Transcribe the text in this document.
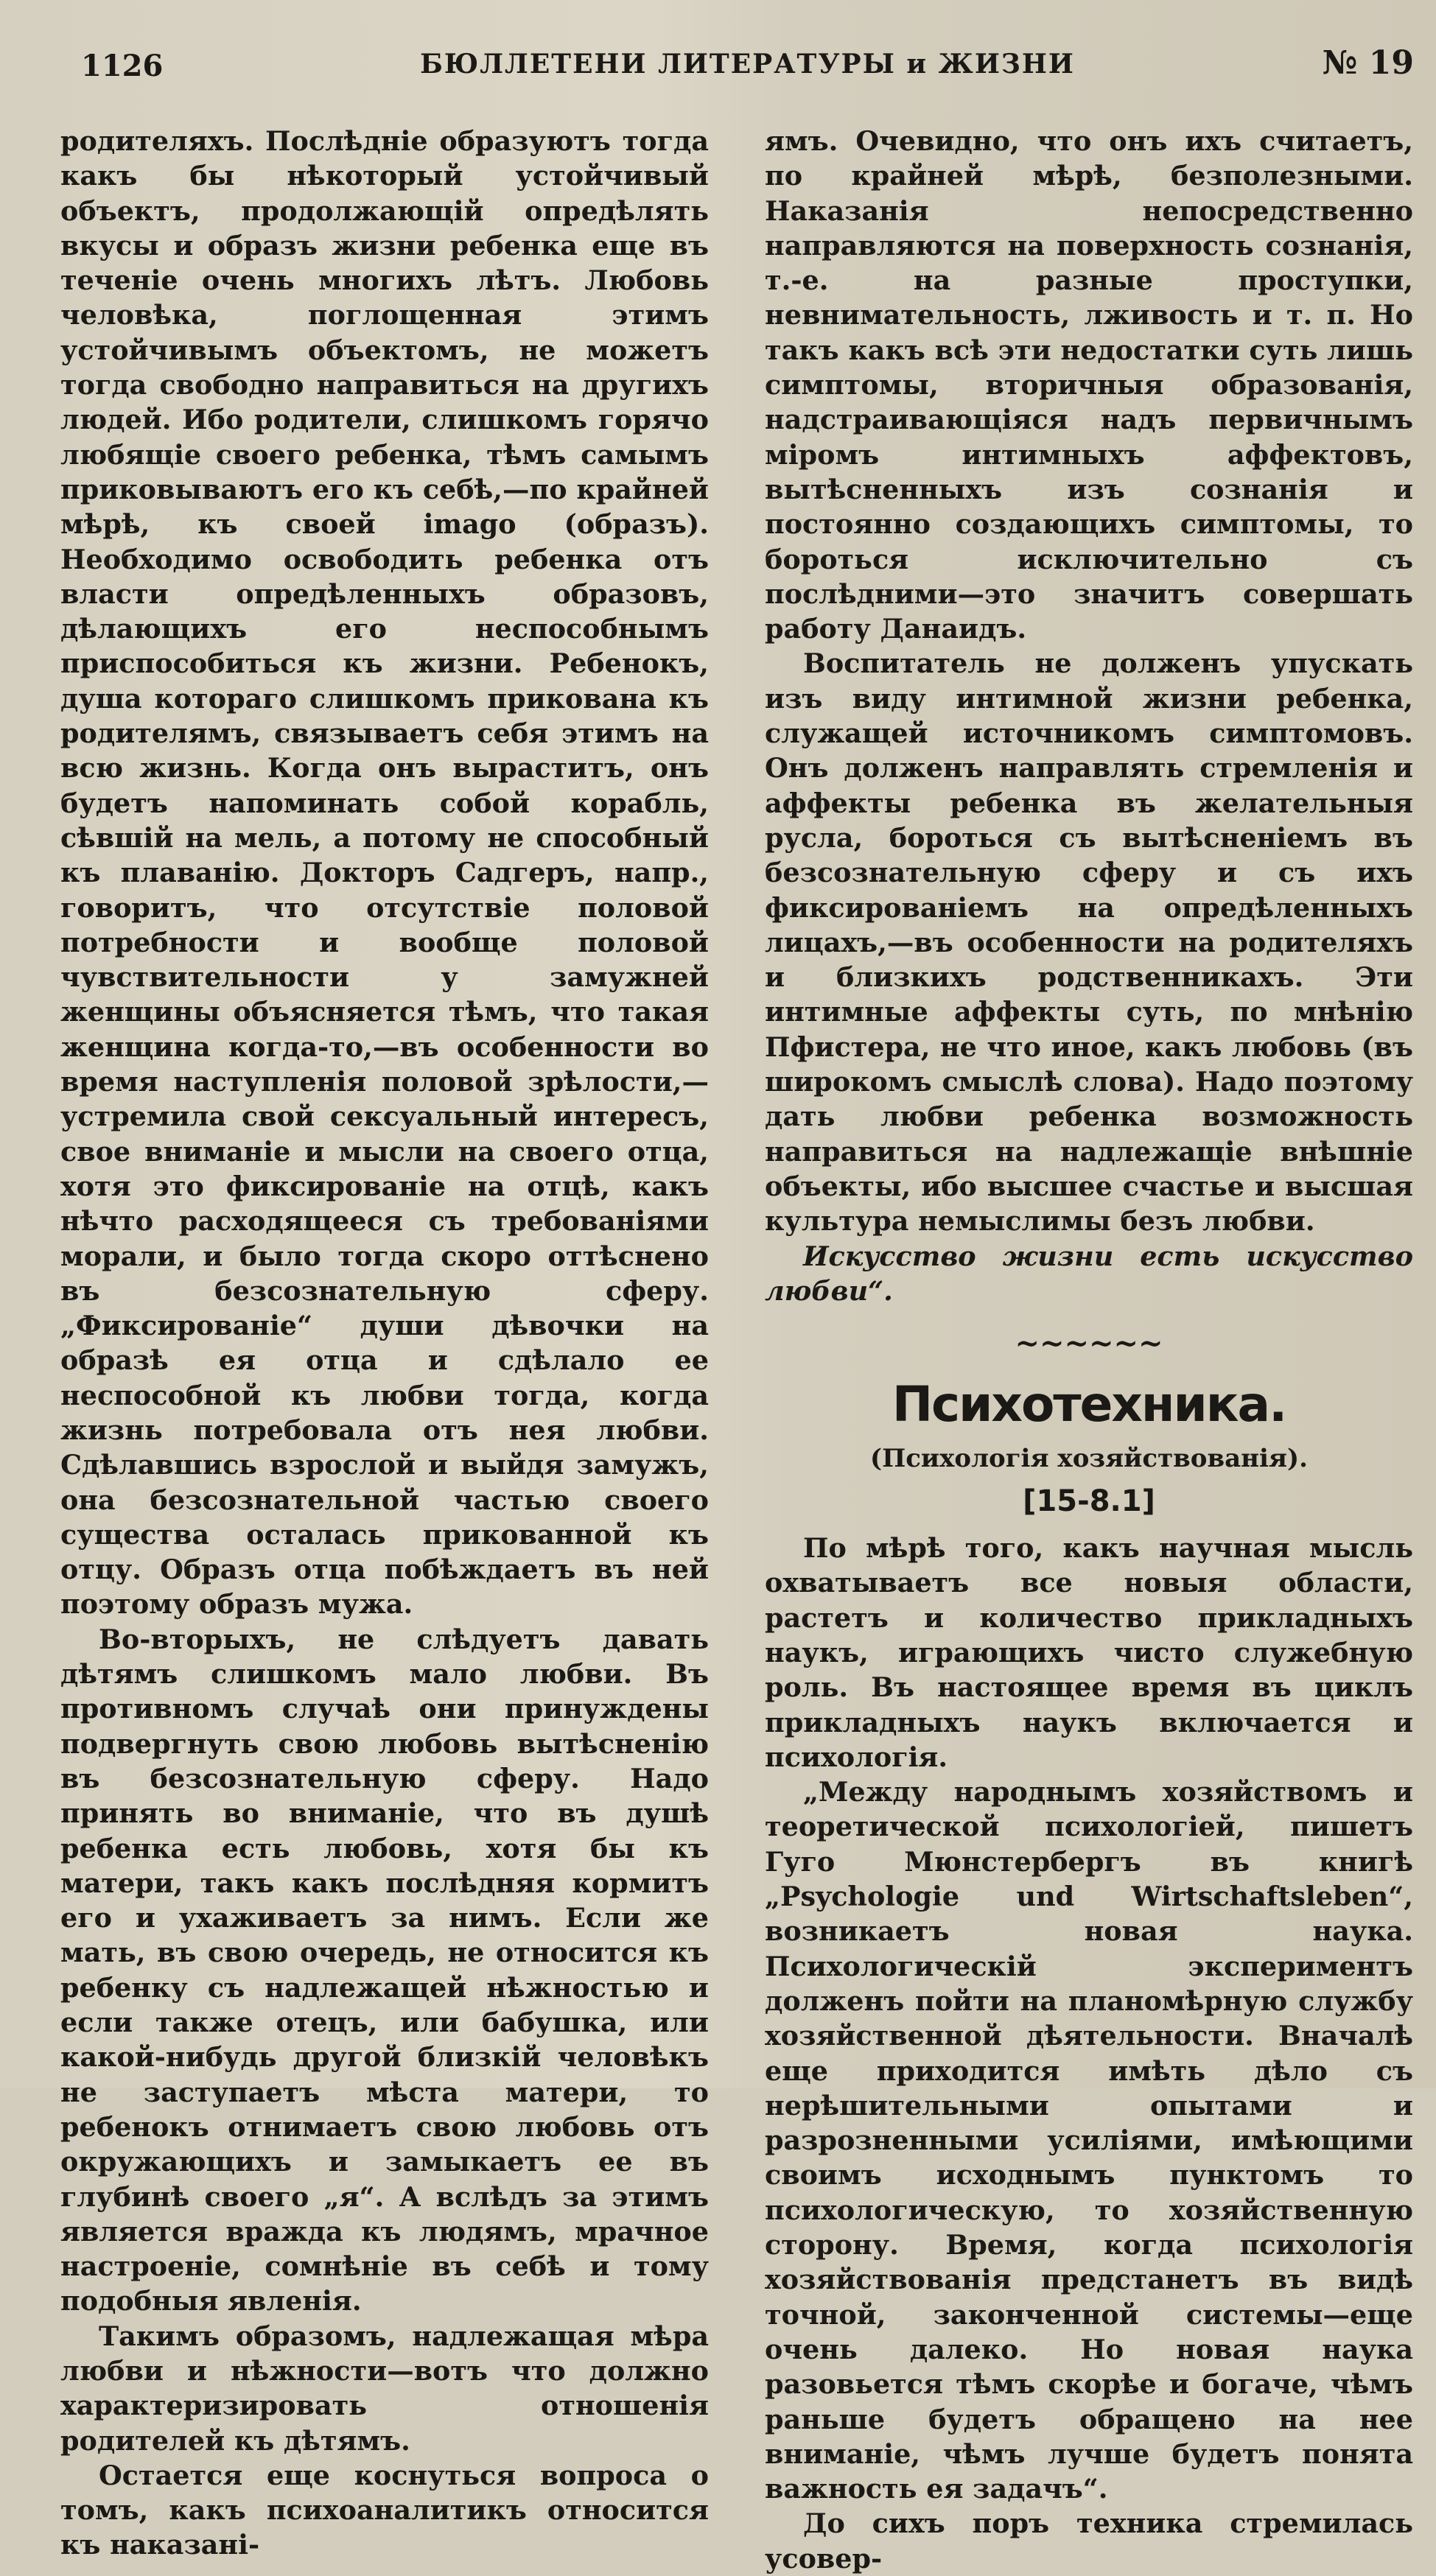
1126	БЮЛЛЕТЕНИ ЛИТЕРАТУРЫ и ЖИЗНИ	№ 19

родителяхъ. Послѣдніе образуютъ тогда какъ бы нѣкоторый устойчивый объектъ, продолжающій опредѣлять вкусы и образъ жизни ребенка еще въ теченіе очень многихъ лѣтъ. Любовь человѣка, поглощенная этимъ устойчивымъ объектомъ, не можетъ тогда свободно направиться на другихъ людей. Ибо родители, слишкомъ горячо любящіе своего ребенка, тѣмъ самымъ приковываютъ его къ себѣ,—по крайней мѣрѣ, къ своей imago (образъ). Необходимо освободить ребенка отъ власти опредѣленныхъ образовъ, дѣлающихъ его неспособнымъ приспособиться къ жизни. Ребенокъ, душа котораго слишкомъ прикована къ родителямъ, связываетъ себя этимъ на всю жизнь. Когда онъ выраститъ, онъ будетъ напоминать собой корабль, сѣвшій на мель, а потому не способный къ плаванію. Докторъ Садгеръ, напр., говоритъ, что отсутствіе половой потребности и вообще половой чувствительности у замужней женщины объясняется тѣмъ, что такая женщина когда-то,—въ особенности во время наступленія половой зрѣлости,—устремила свой сексуальный интересъ, свое вниманіе и мысли на своего отца, хотя это фиксированіе на отцѣ, какъ нѣчто расходящееся съ требованіями морали, и было тогда скоро оттѣснено въ безсознательную сферу. „Фиксированіе“ души дѣвочки на образѣ ея отца и сдѣлало ее неспособной къ любви тогда, когда жизнь потребовала отъ нея любви. Сдѣлавшись взрослой и выйдя замужъ, она безсознательной частью своего существа осталась прикованной къ отцу. Образъ отца побѣждаетъ въ ней поэтому образъ мужа.

Во-вторыхъ, не слѣдуетъ давать дѣтямъ слишкомъ мало любви. Въ противномъ случаѣ они принуждены подвергнуть свою любовь вытѣсненію въ безсознательную сферу. Надо принять во вниманіе, что въ душѣ ребенка есть любовь, хотя бы къ матери, такъ какъ послѣдняя кормитъ его и ухаживаетъ за нимъ. Если же мать, въ свою очередь, не относится къ ребенку съ надлежащей нѣжностью и если также отецъ, или бабушка, или какой-нибудь другой близкій человѣкъ не заступаетъ мѣста матери, то ребенокъ отнимаетъ свою любовь отъ окружающихъ и замыкаетъ ее въ глубинѣ своего „я“. А вслѣдъ за этимъ является вражда къ людямъ, мрачное настроеніе, сомнѣніе въ себѣ и тому подобныя явленія.

Такимъ образомъ, надлежащая мѣра любви и нѣжности—вотъ что должно характеризировать отношенія родителей къ дѣтямъ.

Остается еще коснуться вопроса о томъ, какъ психоаналитикъ относится къ наказані-

ямъ. Очевидно, что онъ ихъ считаетъ, по крайней мѣрѣ, безполезными. Наказанія непосредственно направляются на поверхность сознанія, т.-е. на разные проступки, невнимательность, лживость и т. п. Но такъ какъ всѣ эти недостатки суть лишь симптомы, вторичныя образованія, надстраивающіяся надъ первичнымъ міромъ интимныхъ аффектовъ, вытѣсненныхъ изъ сознанія и постоянно создающихъ симптомы, то бороться исключительно съ послѣдними—это значитъ совершать работу Данаидъ.

Воспитатель не долженъ упускать изъ виду интимной жизни ребенка, служащей источникомъ симптомовъ. Онъ долженъ направлять стремленія и аффекты ребенка въ желательныя русла, бороться съ вытѣсненіемъ въ безсознательную сферу и съ ихъ фиксированіемъ на опредѣленныхъ лицахъ,—въ особенности на родителяхъ и близкихъ родственникахъ. Эти интимные аффекты суть, по мнѣнію Пфистера, не что иное, какъ любовь (въ широкомъ смыслѣ слова). Надо поэтому дать любви ребенка возможность направиться на надлежащіе внѣшніе объекты, ибо высшее счастье и высшая культура немыслимы безъ любви.

Искусство жизни есть искусство любви“.

~~~~~~
Психотехника.
(Психологія хозяйствованія).
[15-8.1]

По мѣрѣ того, какъ научная мысль охватываетъ все новыя области, растетъ и количество прикладныхъ наукъ, играющихъ чисто служебную роль. Въ настоящее время въ циклъ прикладныхъ наукъ включается и психологія.

„Между народнымъ хозяйствомъ и теоретической психологіей, пишетъ Гуго Мюнстербергъ въ книгѣ „Psychologie und Wirtschaftsleben“, возникаетъ новая наука. Психологическій экспериментъ долженъ пойти на планомѣрную службу хозяйственной дѣятельности. Вначалѣ еще приходится имѣть дѣло съ нерѣшительными опытами и разрозненными усиліями, имѣющими своимъ исходнымъ пунктомъ то психологическую, то хозяйственную сторону. Время, когда психологія хозяйствованія предстанетъ въ видѣ точной, законченной системы—еще очень далеко. Но новая наука разовьется тѣмъ скорѣе и богаче, чѣмъ раньше будетъ обращено на нее вниманіе, чѣмъ лучше будетъ понята важность ея задачъ“.

До сихъ поръ техника стремилась усовер-
